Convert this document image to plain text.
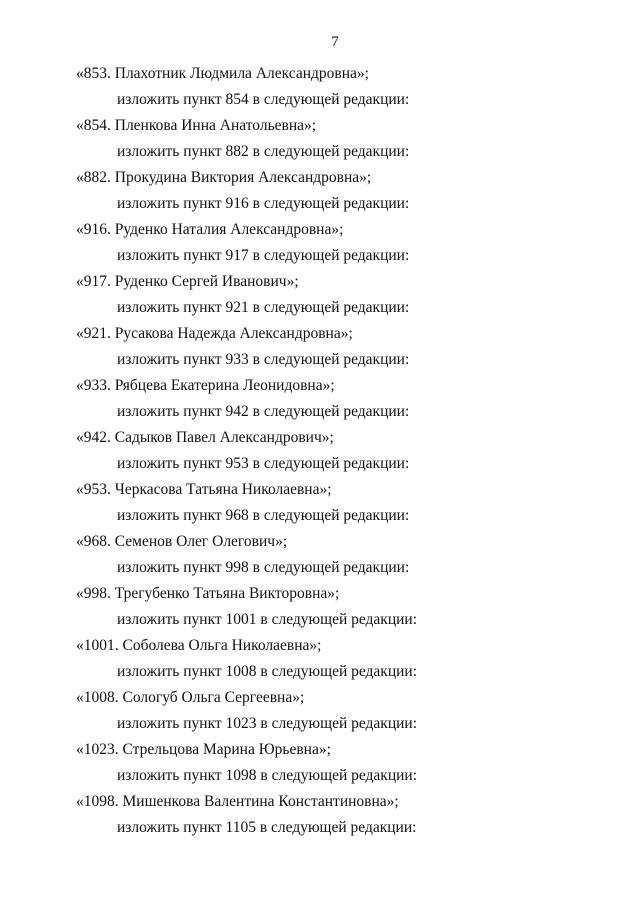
7
«853. Плахотник Людмила Александровна»;
изложить пункт 854 в следующей редакции:
«854. Пленкова Инна Анатольевна»;
изложить пункт 882 в следующей редакции:
«882. Прокудина Виктория Александровна»;
изложить пункт 916 в следующей редакции:
«916. Руденко Наталия Александровна»;
изложить пункт 917 в следующей редакции:
«917. Руденко Сергей Иванович»;
изложить пункт 921 в следующей редакции:
«921. Русакова Надежда Александровна»;
изложить пункт 933 в следующей редакции:
«933. Рябцева Екатерина Леонидовна»;
изложить пункт 942 в следующей редакции:
«942. Садыков Павел Александрович»;
изложить пункт 953 в следующей редакции:
«953. Черкасова Татьяна Николаевна»;
изложить пункт 968 в следующей редакции:
«968. Семенов Олег Олегович»;
изложить пункт 998 в следующей редакции:
«998. Трегубенко Татьяна Викторовна»;
изложить пункт 1001 в следующей редакции:
«1001. Соболева Ольга Николаевна»;
изложить пункт 1008 в следующей редакции:
«1008. Сологуб Ольга Сергеевна»;
изложить пункт 1023 в следующей редакции:
«1023. Стрельцова Марина Юрьевна»;
изложить пункт 1098 в следующей редакции:
«1098. Мишенкова Валентина Константиновна»;
изложить пункт 1105 в следующей редакции:
